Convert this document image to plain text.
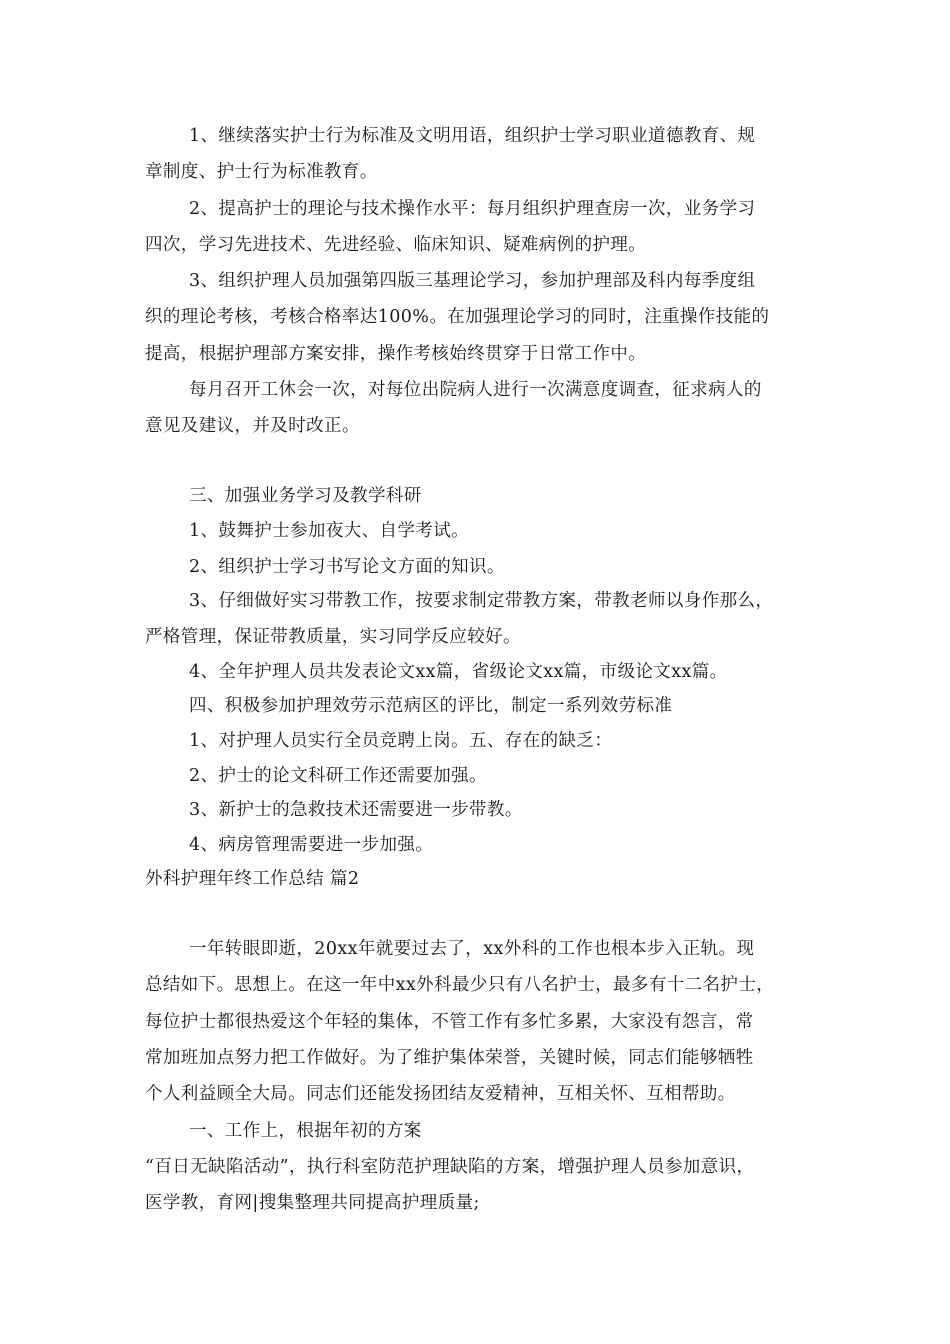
1、继续落实护士行为标准及文明用语，组织护士学习职业道德教育、规
章制度、护士行为标准教育。
2、提高护士的理论与技术操作水平：每月组织护理查房一次，业务学习
四次，学习先进技术、先进经验、临床知识、疑难病例的护理。
3、组织护理人员加强第四版三基理论学习，参加护理部及科内每季度组
织的理论考核，考核合格率达100%。在加强理论学习的同时，注重操作技能的
提高，根据护理部方案安排，操作考核始终贯穿于日常工作中。
每月召开工休会一次，对每位出院病人进行一次满意度调查，征求病人的
意见及建议，并及时改正。
三、加强业务学习及教学科研
1、鼓舞护士参加夜大、自学考试。
2、组织护士学习书写论文方面的知识。
3、仔细做好实习带教工作，按要求制定带教方案，带教老师以身作那么，
严格管理，保证带教质量，实习同学反应较好。
4、全年护理人员共发表论文xx篇，省级论文xx篇，市级论文xx篇。
四、积极参加护理效劳示范病区的评比，制定一系列效劳标准
1、对护理人员实行全员竞聘上岗。五、存在的缺乏：
2、护士的论文科研工作还需要加强。
3、新护士的急救技术还需要进一步带教。
4、病房管理需要进一步加强。
外科护理年终工作总结 篇2
一年转眼即逝，20xx年就要过去了，xx外科的工作也根本步入正轨。现
总结如下。思想上。在这一年中xx外科最少只有八名护士，最多有十二名护士，
每位护士都很热爱这个年轻的集体，不管工作有多忙多累，大家没有怨言，常
常加班加点努力把工作做好。为了维护集体荣誉，关键时候，同志们能够牺牲
个人利益顾全大局。同志们还能发扬团结友爱精神，互相关怀、互相帮助。
一、工作上，根据年初的方案
“百日无缺陷活动”，执行科室防范护理缺陷的方案，增强护理人员参加意识，
医学教，育网|搜集整理共同提高护理质量;
